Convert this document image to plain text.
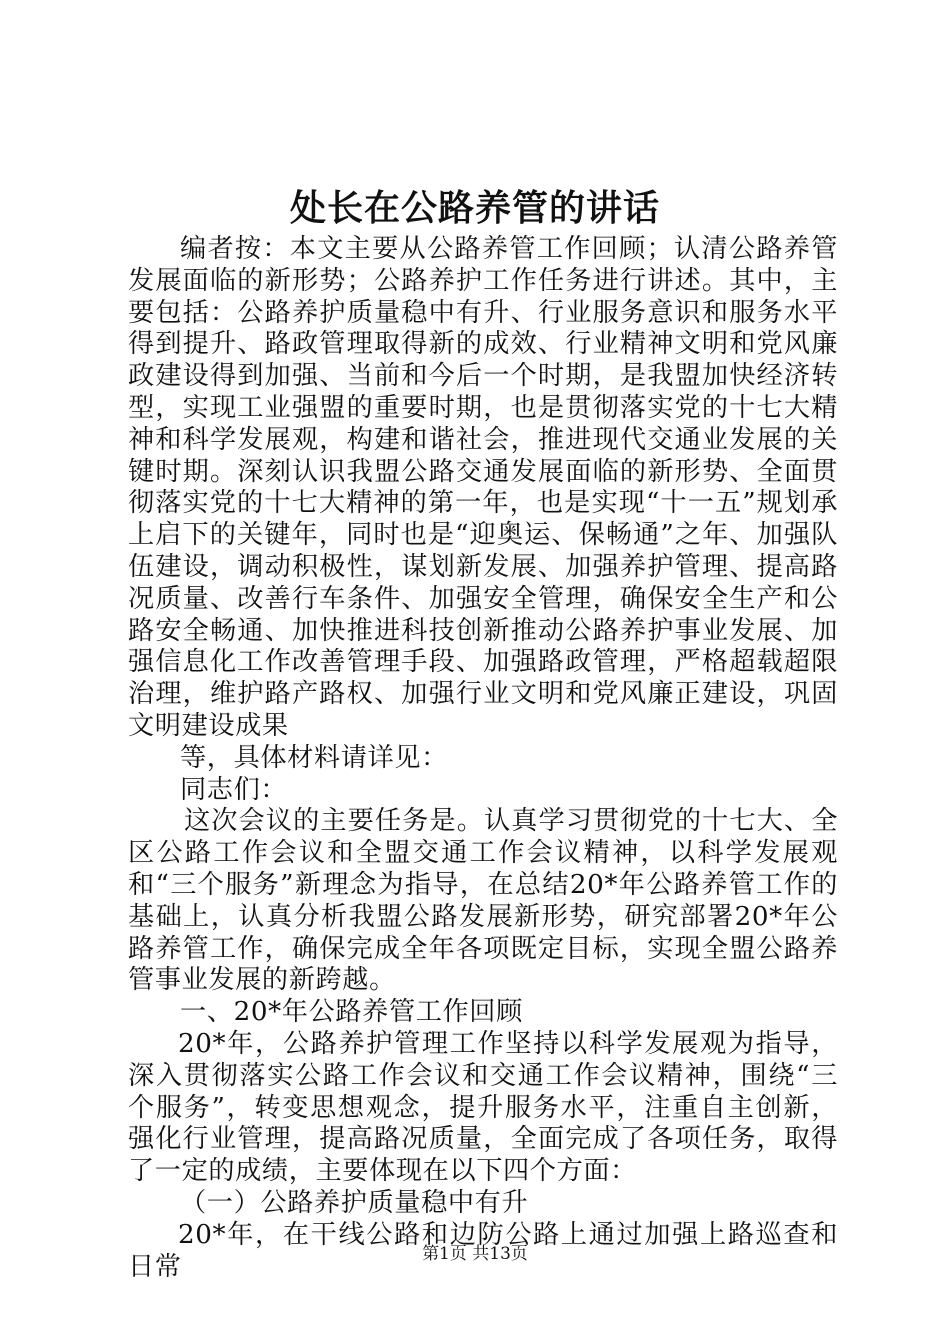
处长在公路养管的讲话

编者按：本文主要从公路养管工作回顾；认清公路养管发展面临的新形势；公路养护工作任务进行讲述。其中，主要包括：公路养护质量稳中有升、行业服务意识和服务水平得到提升、路政管理取得新的成效、行业精神文明和党风廉政建设得到加强、当前和今后一个时期，是我盟加快经济转型，实现工业强盟的重要时期，也是贯彻落实党的十七大精神和科学发展观，构建和谐社会，推进现代交通业发展的关键时期。深刻认识我盟公路交通发展面临的新形势、全面贯彻落实党的十七大精神的第一年，也是实现“十一五”规划承上启下的关键年，同时也是“迎奥运、保畅通”之年、加强队伍建设，调动积极性，谋划新发展、加强养护管理、提高路况质量、改善行车条件、加强安全管理，确保安全生产和公路安全畅通、加快推进科技创新推动公路养护事业发展、加强信息化工作改善管理手段、加强路政管理，严格超载超限治理，维护路产路权、加强行业文明和党风廉正建设，巩固文明建设成果

等，具体材料请详见：

同志们：

这次会议的主要任务是。认真学习贯彻党的十七大、全区公路工作会议和全盟交通工作会议精神，以科学发展观和“三个服务”新理念为指导，在总结20*年公路养管工作的基础上，认真分析我盟公路发展新形势，研究部署20*年公路养管工作，确保完成全年各项既定目标，实现全盟公路养管事业发展的新跨越。

一、20*年公路养管工作回顾

20*年，公路养护管理工作坚持以科学发展观为指导，深入贯彻落实公路工作会议和交通工作会议精神，围绕“三个服务”，转变思想观念，提升服务水平，注重自主创新，强化行业管理，提高路况质量，全面完成了各项任务，取得了一定的成绩，主要体现在以下四个方面：

（一）公路养护质量稳中有升

20*年，在干线公路和边防公路上通过加强上路巡查和日常	第1页 共13页
